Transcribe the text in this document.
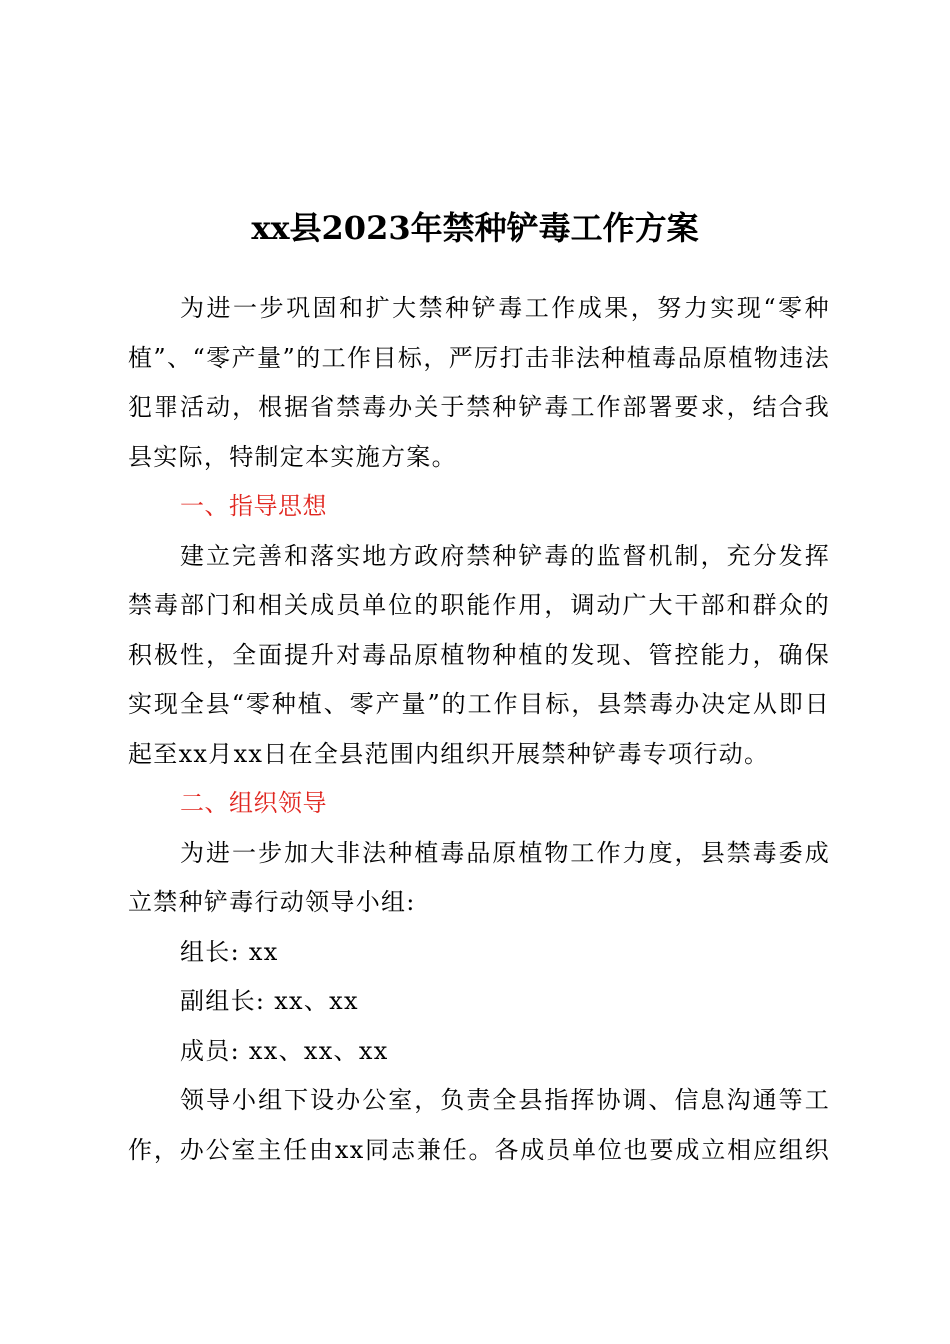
xx县2023年禁种铲毒工作方案

为进一步巩固和扩大禁种铲毒工作成果，努力实现“零种植”、“零产量”的工作目标，严厉打击非法种植毒品原植物违法犯罪活动，根据省禁毒办关于禁种铲毒工作部署要求，结合我县实际，特制定本实施方案。

一、指导思想

建立完善和落实地方政府禁种铲毒的监督机制，充分发挥禁毒部门和相关成员单位的职能作用，调动广大干部和群众的积极性，全面提升对毒品原植物种植的发现、管控能力，确保实现全县“零种植、零产量”的工作目标，县禁毒办决定从即日起至xx月xx日在全县范围内组织开展禁种铲毒专项行动。

二、组织领导

为进一步加大非法种植毒品原植物工作力度，县禁毒委成立禁种铲毒行动领导小组:

组长: xx

副组长: xx、xx

成员: xx、xx、xx

领导小组下设办公室，负责全县指挥协调、信息沟通等工作，办公室主任由xx同志兼任。各成员单位也要成立相应组织
